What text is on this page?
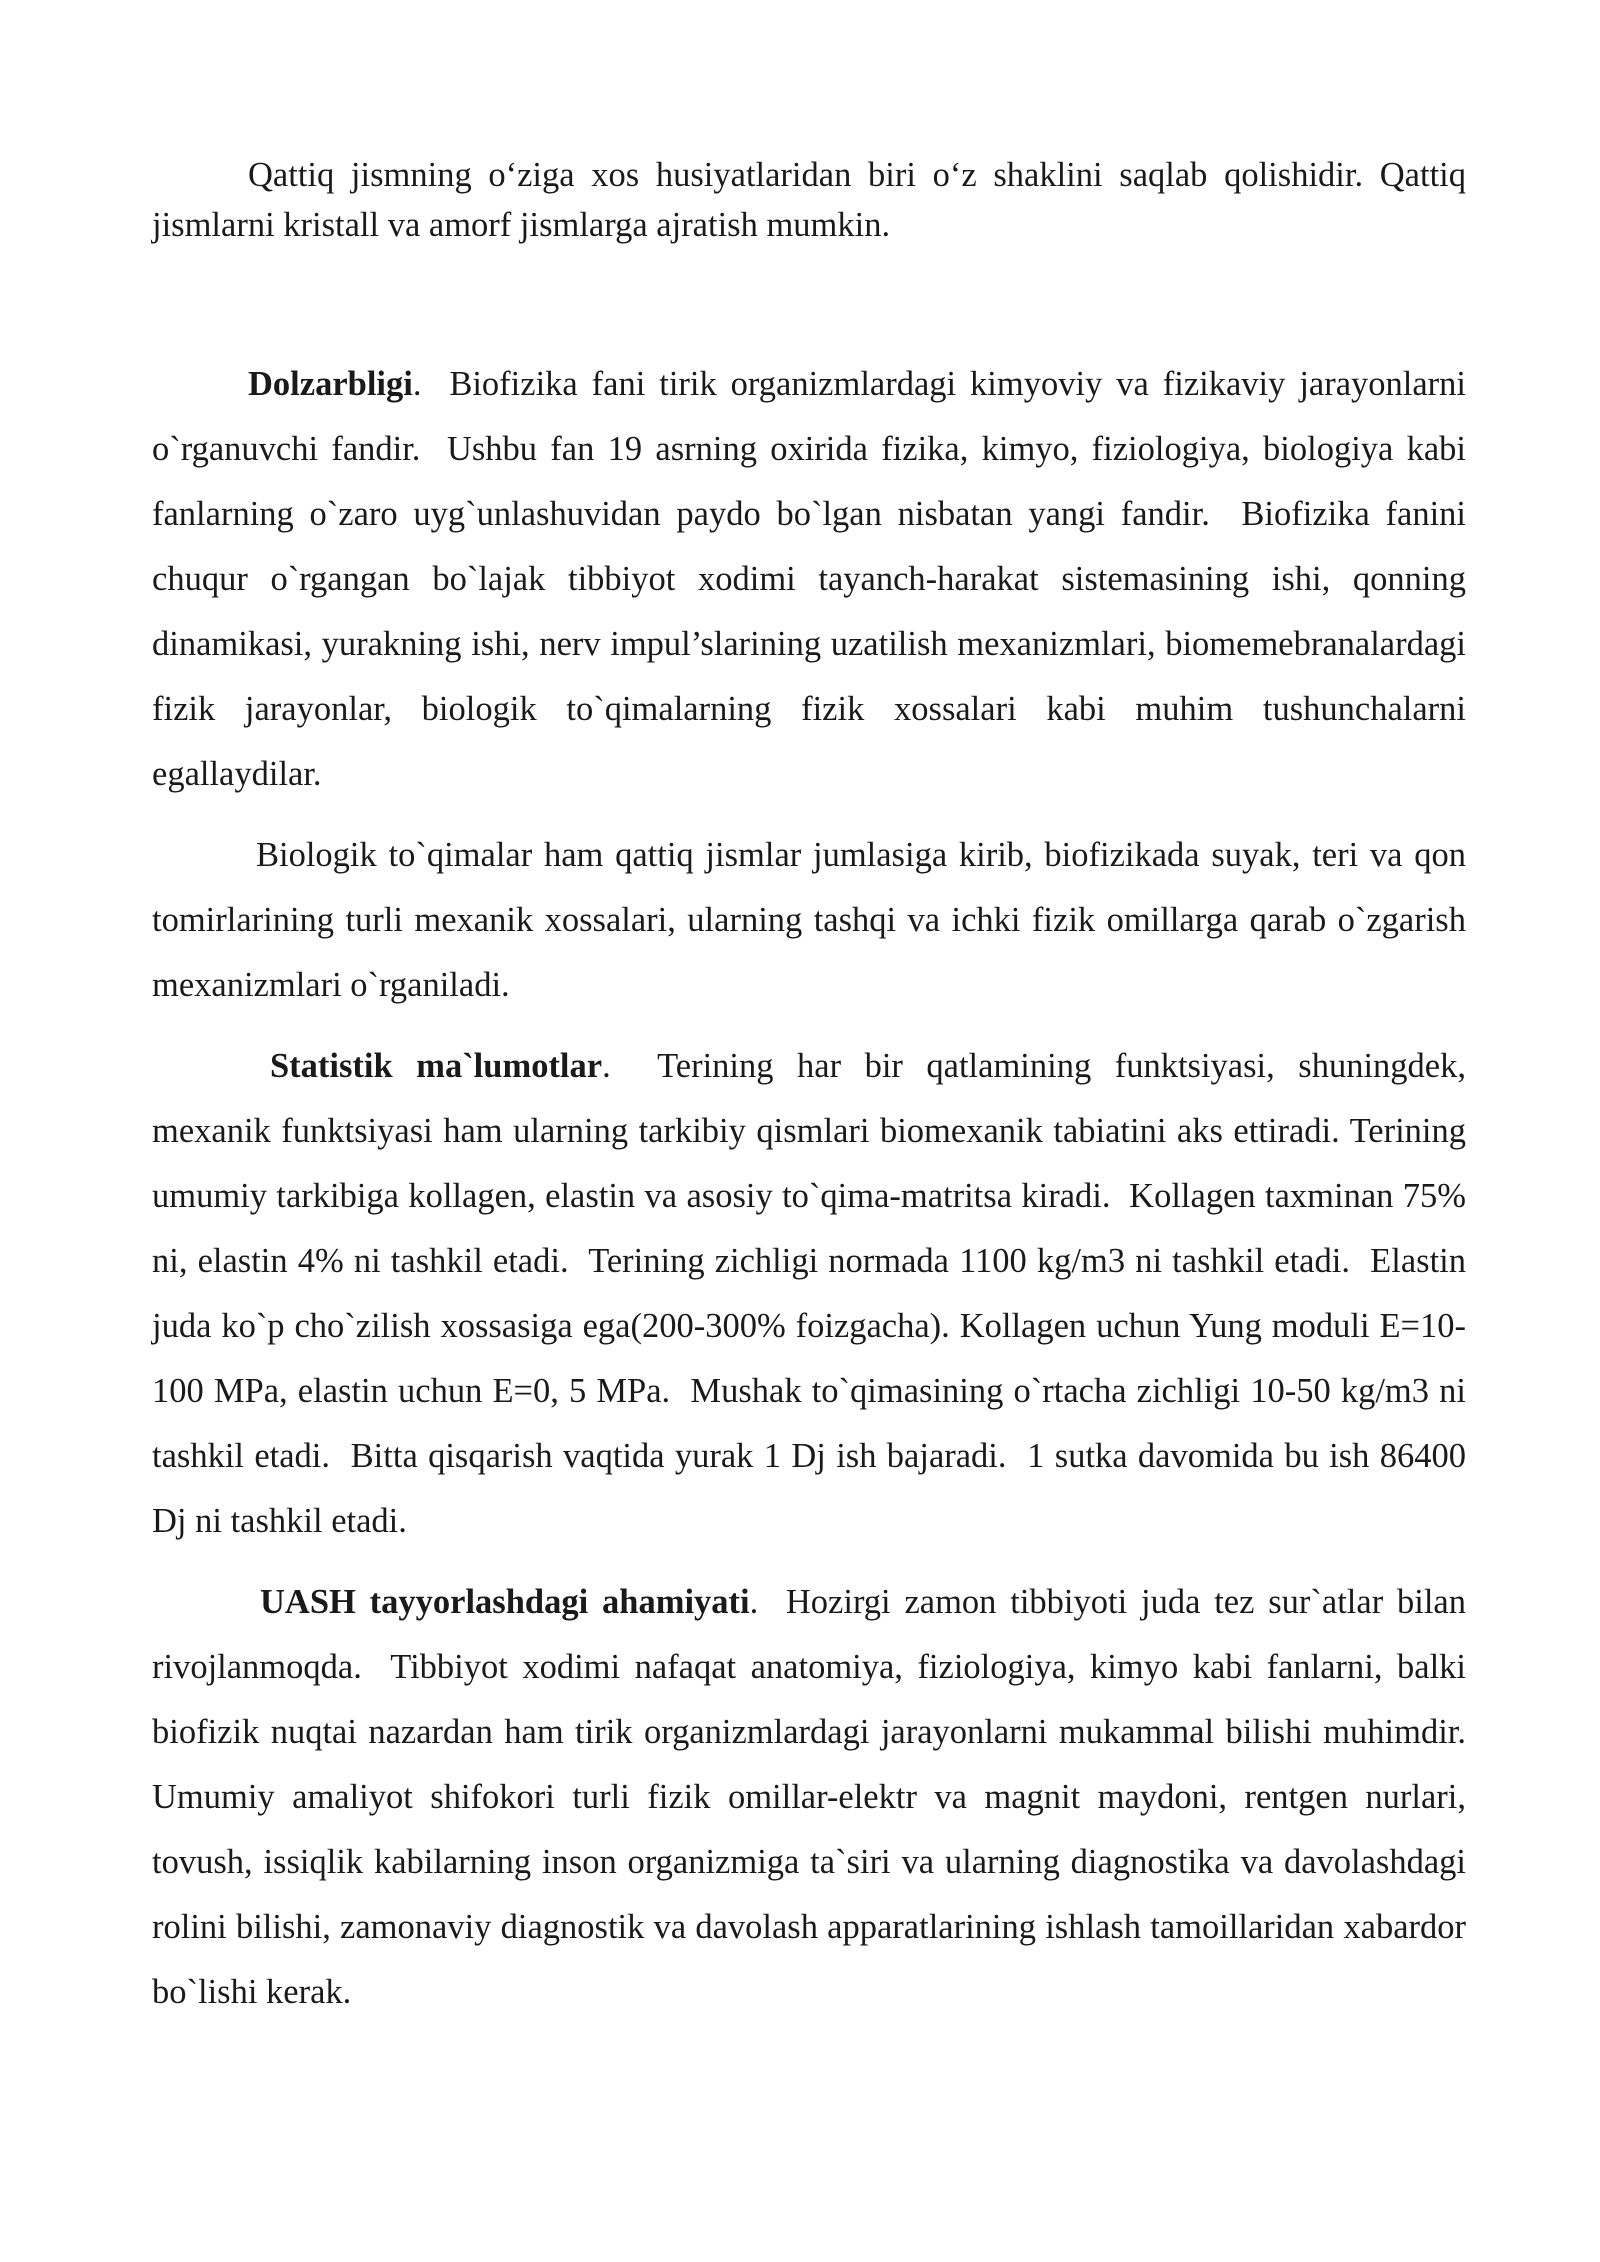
Qattiq jismning o‘ziga xos husiyatlaridan biri o‘z shaklini saqlab qolishidir. Qattiq jismlarni kristall va amorf jismlarga ajratish mumkin.

Dolzarbligi.  Biofizika fani tirik organizmlardagi kimyoviy va fizikaviy jarayonlarni o`rganuvchi fandir.  Ushbu fan 19 asrning oxirida fizika, kimyo, fiziologiya, biologiya kabi fanlarning o`zaro uyg`unlashuvidan paydo bo`lgan nisbatan yangi fandir.  Biofizika fanini chuqur o`rgangan bo`lajak tibbiyot xodimi tayanch-harakat sistemasining ishi, qonning dinamikasi, yurakning ishi, nerv impul’slarining uzatilish mexanizmlari, biomemebranalardagi fizik jarayonlar, biologik to`qimalarning fizik xossalari kabi muhim tushunchalarni egallaydilar.

Biologik to`qimalar ham qattiq jismlar jumlasiga kirib, biofizikada suyak, teri va qon tomirlarining turli mexanik xossalari, ularning tashqi va ichki fizik omillarga qarab o`zgarish mexanizmlari o`rganiladi.

Statistik ma`lumotlar.  Terining har bir qatlamining funktsiyasi, shuningdek, mexanik funktsiyasi ham ularning tarkibiy qismlari biomexanik tabiatini aks ettiradi. Terining umumiy tarkibiga kollagen, elastin va asosiy to`qima-matritsa kiradi.  Kollagen taxminan 75% ni, elastin 4% ni tashkil etadi.  Terining zichligi normada 1100 kg/m3 ni tashkil etadi.  Elastin juda ko`p cho`zilish xossasiga ega(200-300% foizgacha). Kollagen uchun Yung moduli E=10-100 MPa, elastin uchun E=0, 5 MPa.  Mushak to`qimasining o`rtacha zichligi 10-50 kg/m3 ni tashkil etadi.  Bitta qisqarish vaqtida yurak 1 Dj ish bajaradi.  1 sutka davomida bu ish 86400 Dj ni tashkil etadi.

UASH tayyorlashdagi ahamiyati.  Hozirgi zamon tibbiyoti juda tez sur`atlar bilan rivojlanmoqda.  Tibbiyot xodimi nafaqat anatomiya, fiziologiya, kimyo kabi fanlarni, balki biofizik nuqtai nazardan ham tirik organizmlardagi jarayonlarni mukammal bilishi muhimdir. Umumiy amaliyot shifokori turli fizik omillar-elektr va magnit maydoni, rentgen nurlari, tovush, issiqlik kabilarning inson organizmiga ta`siri va ularning diagnostika va davolashdagi rolini bilishi, zamonaviy diagnostik va davolash apparatlarining ishlash tamoillaridan xabardor bo`lishi kerak.
